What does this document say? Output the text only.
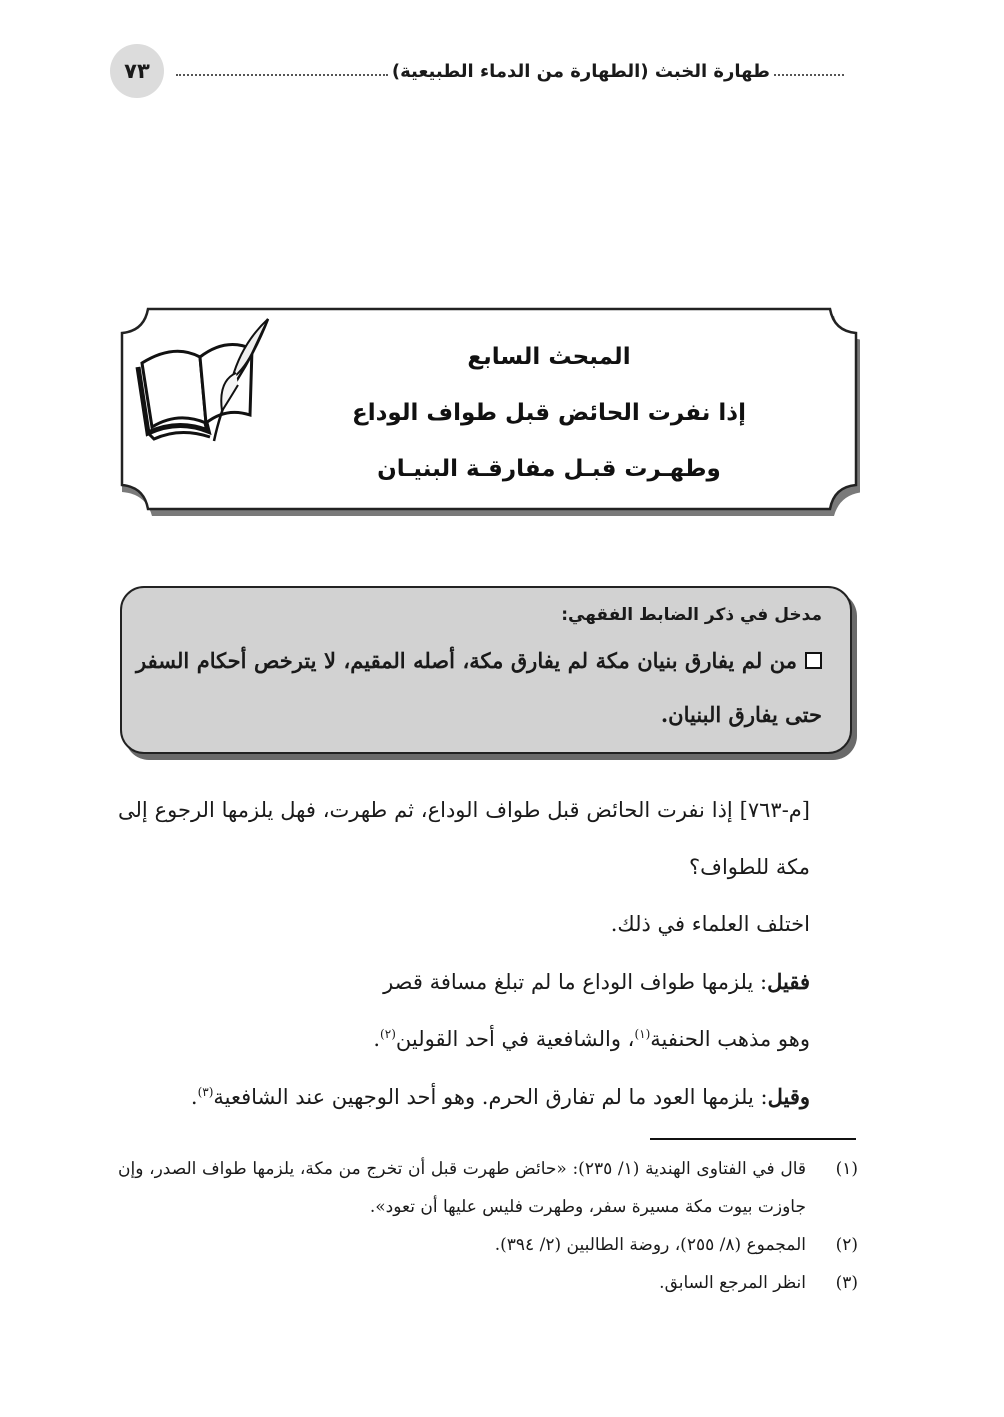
٧٣	طهارة الخبث (الطهارة من الدماء الطبيعية)
المبحث السابع
إذا نفرت الحائض قبل طواف الوداع
وطهـرت قبـل مفارقـة البنيـان
مدخل في ذكر الضابط الفقهي:
من لم يفارق بنيان مكة لم يفارق مكة، أصله المقيم، لا يترخص أحكام السفر حتى يفارق البنيان.

[م-٧٦٣] إذا نفرت الحائض قبل طواف الوداع، ثم طهرت، فهل يلزمها الرجوع إلى مكة للطواف؟

اختلف العلماء في ذلك.

فقيل: يلزمها طواف الوداع ما لم تبلغ مسافة قصر

وهو مذهب الحنفية$^{(١)}$، والشافعية في أحد القولين$^{(٢)}$.

وقيل: يلزمها العود ما لم تفارق الحرم. وهو أحد الوجهين عند الشافعية$^{(٣)}$.

(١)
قال في الفتاوى الهندية (١/ ٢٣٥): «حائض طهرت قبل أن تخرج من مكة، يلزمها طواف الصدر، وإن جاوزت بيوت مكة مسيرة سفر، وطهرت فليس عليها أن تعود».
(٢)
المجموع (٨/ ٢٥٥)، روضة الطالبين (٢/ ٣٩٤).
(٣)
انظر المرجع السابق.
